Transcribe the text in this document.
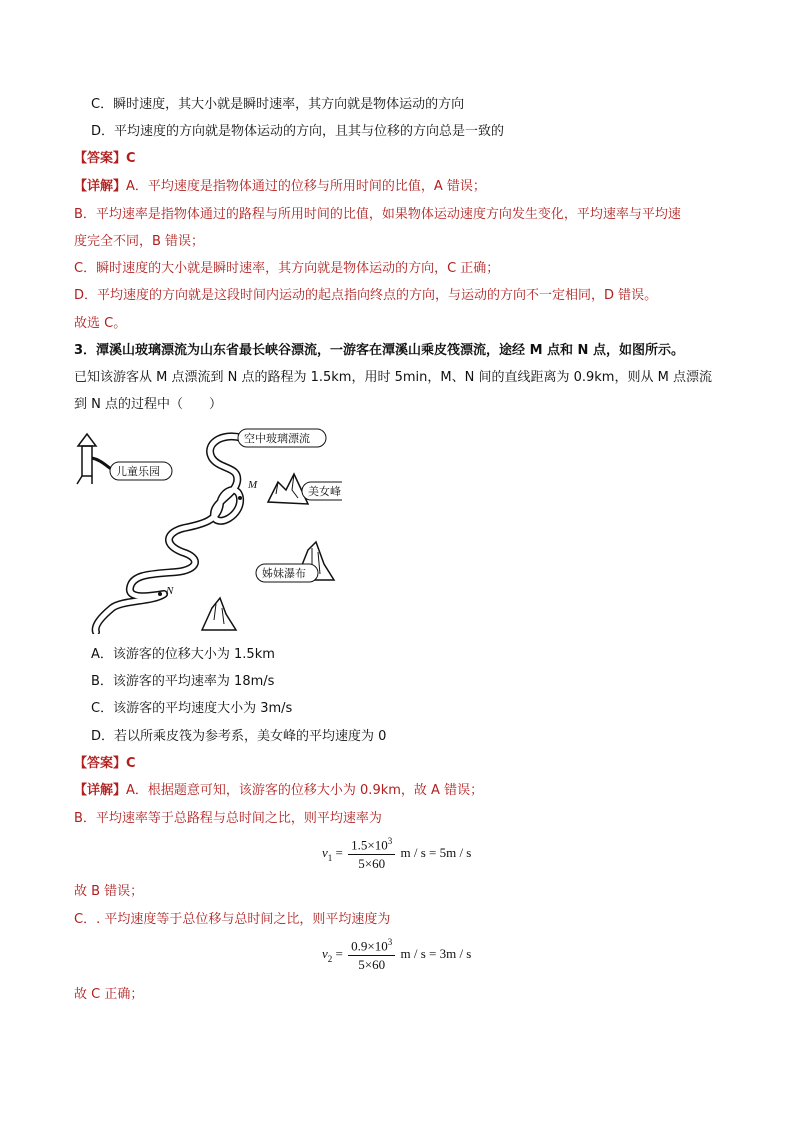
C．瞬时速度，其大小就是瞬时速率，其方向就是物体运动的方向
D．平均速度的方向就是物体运动的方向，且其与位移的方向总是一致的
【答案】C
【详解】A．平均速度是指物体通过的位移与所用时间的比值，A 错误；
B．平均速率是指物体通过的路程与所用时间的比值，如果物体运动速度方向发生变化，平均速率与平均速
度完全不同，B 错误；
C．瞬时速度的大小就是瞬时速率，其方向就是物体运动的方向，C 正确；
D．平均速度的方向就是这段时间内运动的起点指向终点的方向，与运动的方向不一定相同，D 错误。
故选 C。
3．潭溪山玻璃漂流为山东省最长峡谷漂流，一游客在潭溪山乘皮筏漂流，途经 M 点和 N 点，如图所示。
已知该游客从 M 点漂流到 N 点的路程为 1.5km，用时 5min，M、N 间的直线距离为 0.9km，则从 M 点漂流
到 N 点的过程中（　　）
儿童乐园
空中玻璃漂流
美女峰
M
姊妹瀑布
N
A．该游客的位移大小为 1.5km
B．该游客的平均速率为 18m/s
C．该游客的平均速度大小为 3m/s
D．若以所乘皮筏为参考系，美女峰的平均速度为 0
【答案】C
【详解】A．根据题意可知，该游客的位移大小为 0.9km，故 A 错误；
B．平均速率等于总路程与总时间之比，则平均速率为
$v_1 = \frac{1.5\times 10^3}{5\times 60}$ m / s = 5m / s
故 B 错误；
C．. 平均速度等于总位移与总时间之比，则平均速度为
$v_2 = \frac{0.9\times 10^3}{5\times 60}$ m / s = 3m / s
故 C 正确；
